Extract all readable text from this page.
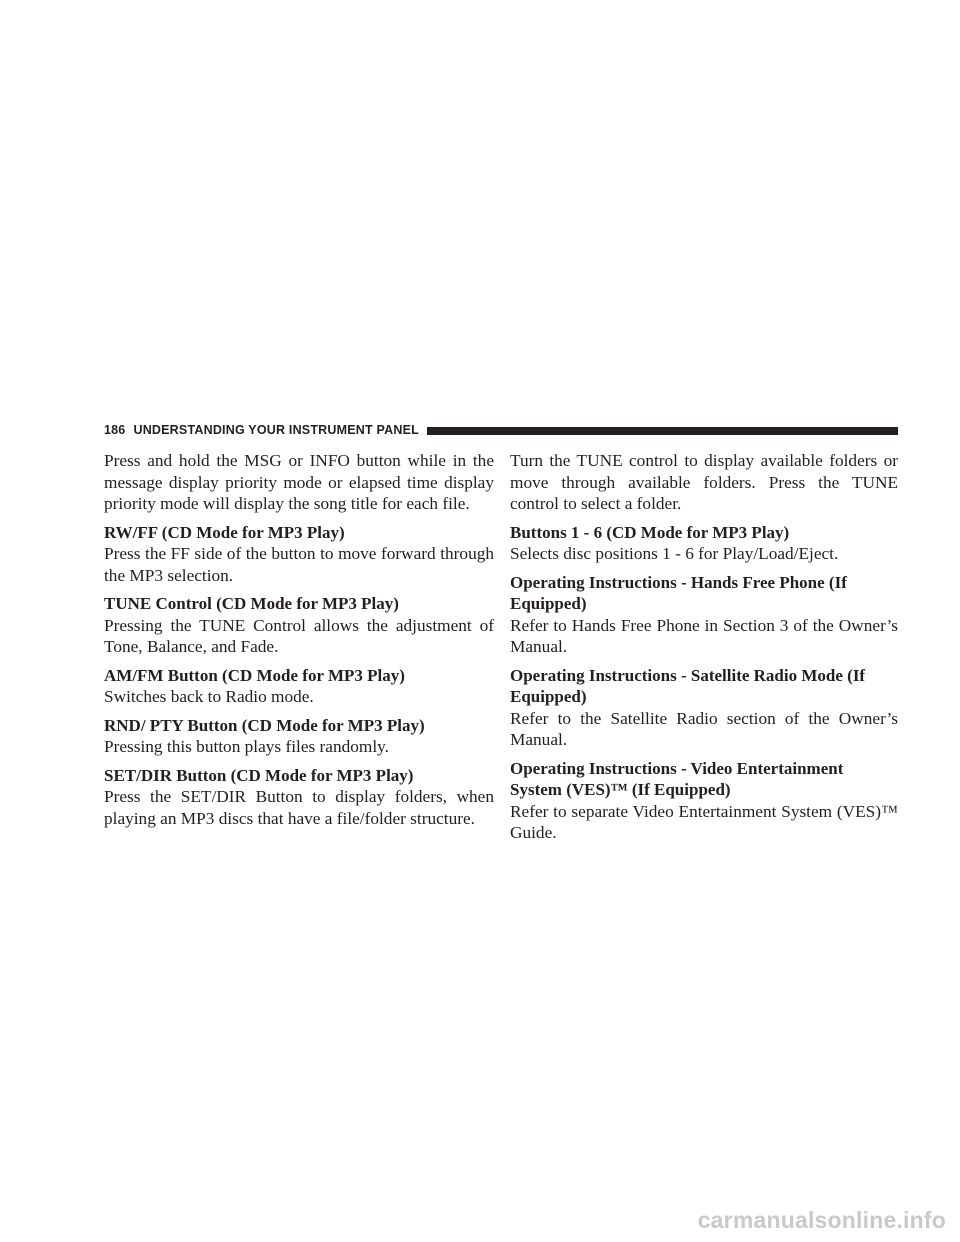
186 UNDERSTANDING YOUR INSTRUMENT PANEL

Press and hold the MSG or INFO button while in the message display priority mode or elapsed time display priority mode will display the song title for each file.

RW/FF (CD Mode for MP3 Play)

Press the FF side of the button to move forward through the MP3 selection.

TUNE Control (CD Mode for MP3 Play)

Pressing the TUNE Control allows the adjustment of Tone, Balance, and Fade.

AM/FM Button (CD Mode for MP3 Play)

Switches back to Radio mode.

RND/ PTY Button (CD Mode for MP3 Play)

Pressing this button plays files randomly.

SET/DIR Button (CD Mode for MP3 Play)

Press the SET/DIR Button to display folders, when playing an MP3 discs that have a file/folder structure.

Turn the TUNE control to display available folders or move through available folders. Press the TUNE control to select a folder.

Buttons 1 - 6 (CD Mode for MP3 Play)

Selects disc positions 1 - 6 for Play/Load/Eject.

Operating Instructions - Hands Free Phone (If Equipped)

Refer to Hands Free Phone in Section 3 of the Owner’s Manual.

Operating Instructions - Satellite Radio Mode (If Equipped)

Refer to the Satellite Radio section of the Owner’s Manual.

Operating Instructions - Video Entertainment System (VES)™ (If Equipped)

Refer to separate Video Entertainment System (VES)™ Guide.

carmanualsonline.info
